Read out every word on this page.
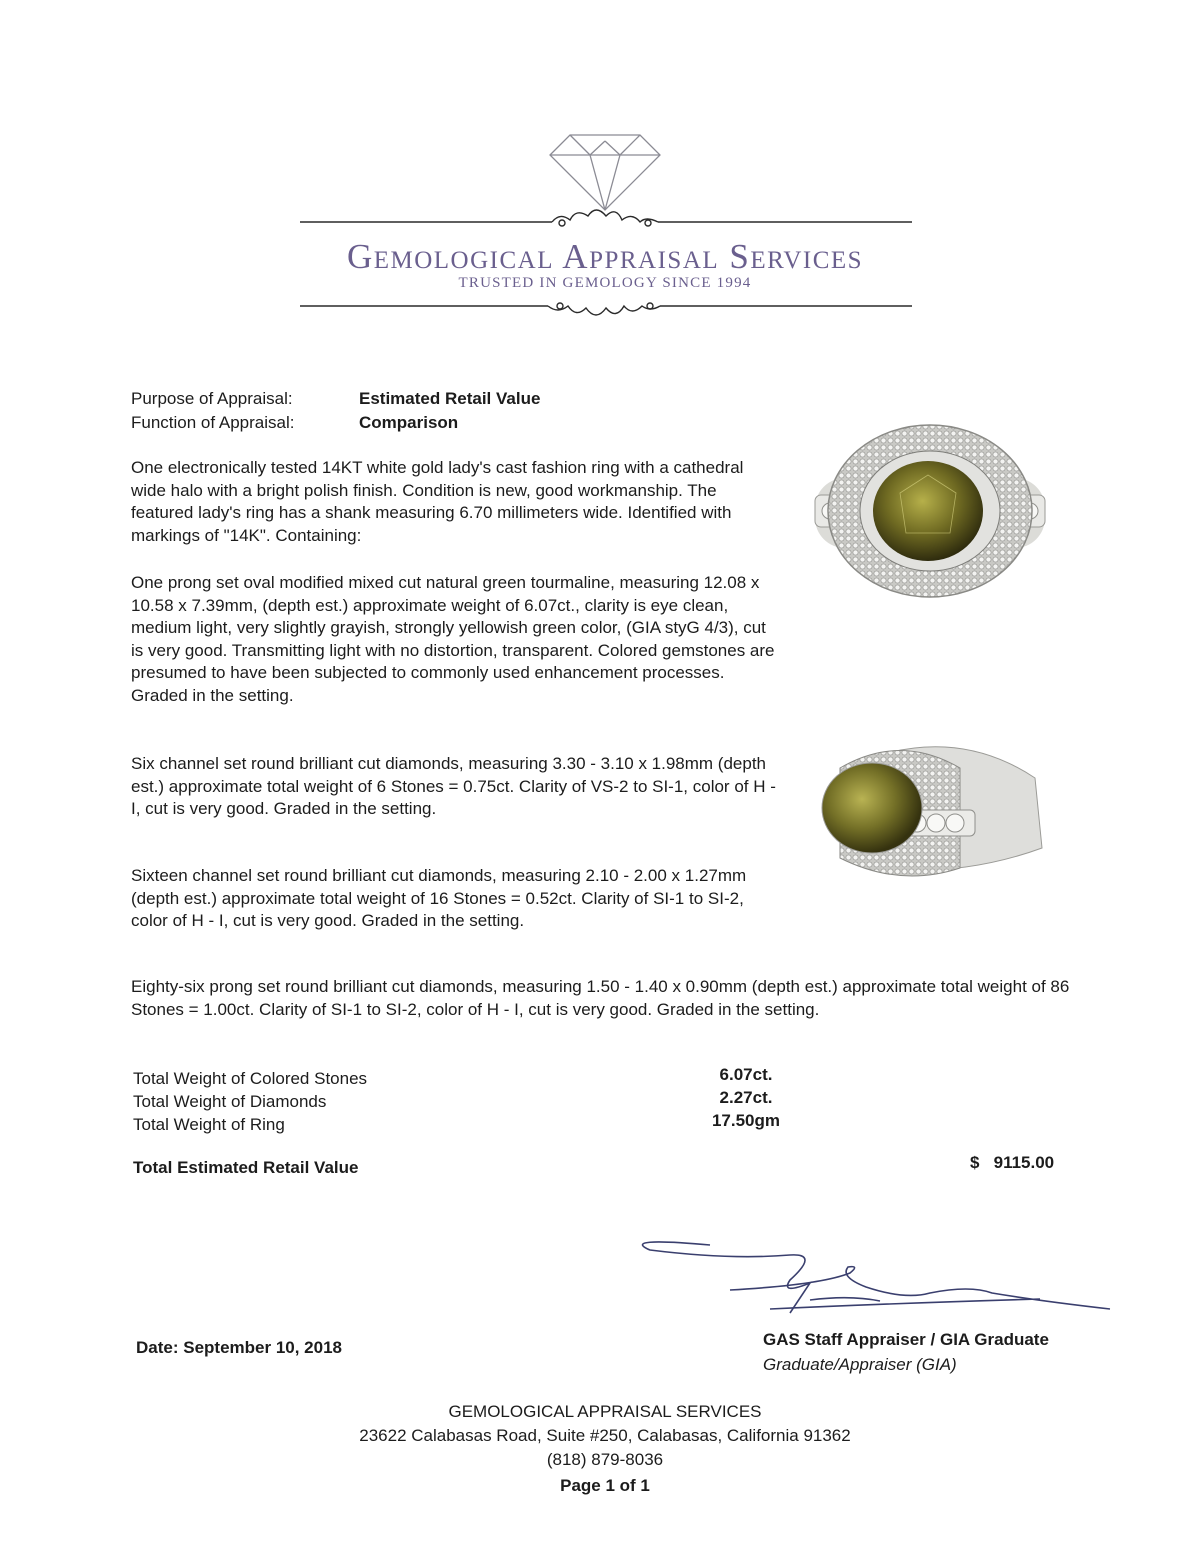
Gemological Appraisal Services
TRUSTED IN GEMOLOGY SINCE 1994
Purpose of Appraisal:	Estimated Retail Value
Function of Appraisal:	Comparison

One electronically tested 14KT white gold lady's cast fashion ring with a cathedral wide halo with a bright polish finish. Condition is new, good workmanship. The featured lady's ring has a shank measuring 6.70 millimeters wide. Identified with markings of "14K". Containing:

One prong set oval modified mixed cut natural green tourmaline, measuring 12.08 x 10.58 x 7.39mm, (depth est.) approximate weight of 6.07ct., clarity is eye clean, medium light, very slightly grayish, strongly yellowish green color, (GIA styG 4/3), cut is very good. Transmitting light with no distortion, transparent. Colored gemstones are presumed to have been subjected to commonly used enhancement processes. Graded in the setting.

Six channel set round brilliant cut diamonds, measuring 3.30 - 3.10 x 1.98mm (depth est.) approximate total weight of 6 Stones = 0.75ct. Clarity of VS-2 to SI-1, color of H - I, cut is very good. Graded in the setting.

Sixteen channel set round brilliant cut diamonds, measuring 2.10 - 2.00 x 1.27mm (depth est.) approximate total weight of 16 Stones = 0.52ct. Clarity of SI-1 to SI-2, color of H - I, cut is very good. Graded in the setting.

Eighty-six prong set round brilliant cut diamonds, measuring 1.50 - 1.40 x 0.90mm (depth est.) approximate total weight of 86 Stones = 1.00ct. Clarity of SI-1 to SI-2, color of H - I, cut is very good. Graded in the setting.

Total Weight of Colored Stones	6.07ct.
Total Weight of Diamonds	2.27ct.
Total Weight of Ring	17.50gm
Total Estimated Retail Value	$   9115.00
Date: September 10, 2018	GAS Staff Appraiser / GIA Graduate
Graduate/Appraiser (GIA)
GEMOLOGICAL APPRAISAL SERVICES
23622 Calabasas Road, Suite #250, Calabasas, California 91362
(818) 879-8036
Page 1 of 1
